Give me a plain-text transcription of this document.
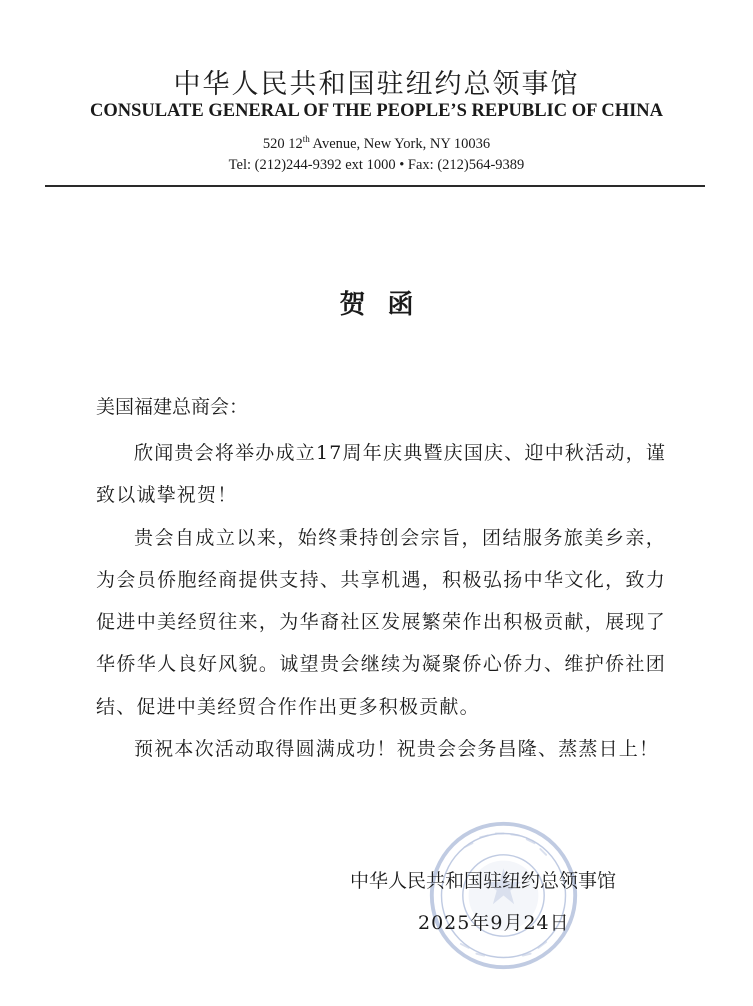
中华人民共和国驻纽约总领事馆
CONSULATE GENERAL OF THE PEOPLE’S REPUBLIC OF CHINA
520 12th Avenue, New York, NY 10036
Tel: (212)244-9392 ext 1000 • Fax: (212)564-9389
贺函
美国福建总商会：

欣闻贵会将举办成立17周年庆典暨庆国庆、迎中秋活动，谨致以诚挚祝贺！

贵会自成立以来，始终秉持创会宗旨，团结服务旅美乡亲，为会员侨胞经商提供支持、共享机遇，积极弘扬中华文化，致力促进中美经贸往来，为华裔社区发展繁荣作出积极贡献，展现了华侨华人良好风貌。诚望贵会继续为凝聚侨心侨力、维护侨社团结、促进中美经贸合作作出更多积极贡献。

预祝本次活动取得圆满成功！祝贵会会务昌隆、蒸蒸日上！

中华人民共和国驻纽约总领事馆
2025年9月24日
